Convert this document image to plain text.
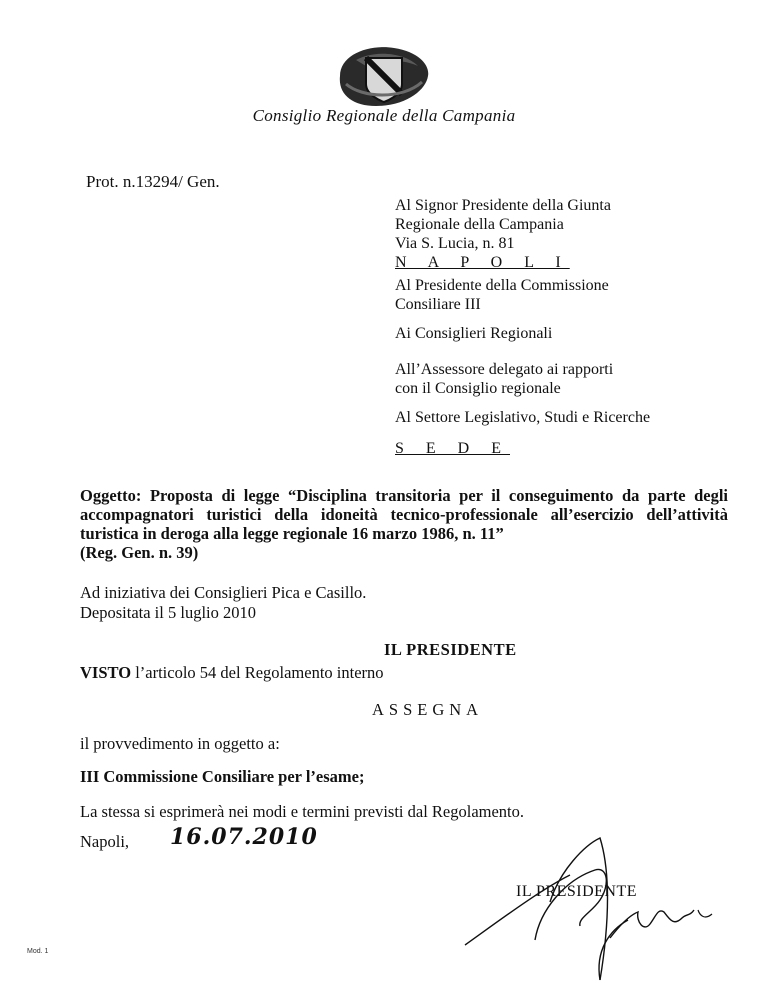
Consiglio Regionale della Campania
Prot. n.13294/ Gen.
Al Signor Presidente della Giunta
Regionale della Campania
Via S. Lucia, n. 81
N A P O L I
Al Presidente della Commissione
Consiliare III
Ai Consiglieri Regionali
All’Assessore delegato ai rapporti
con il Consiglio regionale
Al Settore Legislativo, Studi e Ricerche
S E D E
Oggetto: Proposta di legge “Disciplina transitoria per il conseguimento da parte degli
accompagnatori turistici della idoneità tecnico-professionale all’esercizio dell’attività
turistica in deroga alla legge regionale 16 marzo 1986, n. 11”
(Reg. Gen. n. 39)
Ad iniziativa dei Consiglieri Pica e Casillo.
Depositata il 5 luglio 2010
IL PRESIDENTE
VISTO l’articolo 54 del Regolamento interno
ASSEGNA
il provvedimento in oggetto a:
III Commissione Consiliare per l’esame;
La stessa si esprimerà nei modi e termini previsti dal Regolamento.
Napoli, 16.07.2010
IL PRESIDENTE
Mod. 1
